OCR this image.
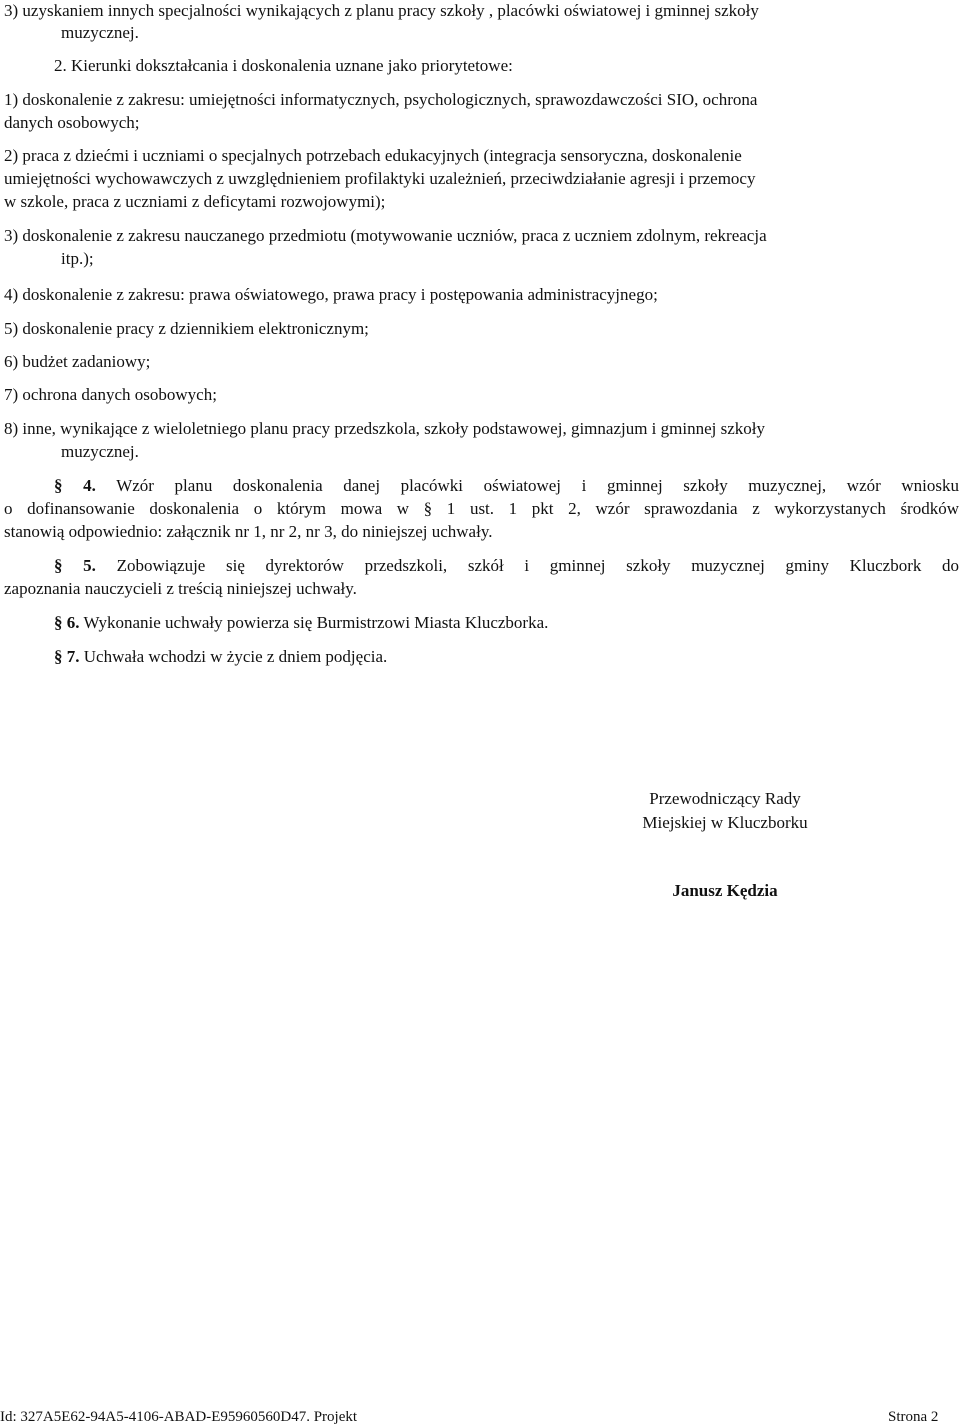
3) uzyskaniem innych specjalności wynikających z planu pracy szkoły , placówki oświatowej i gminnej szkoły
muzycznej.
2. Kierunki dokształcania i doskonalenia uznane jako priorytetowe:
1) doskonalenie z zakresu: umiejętności informatycznych, psychologicznych, sprawozdawczości SIO, ochrona
danych osobowych;
2) praca z dziećmi i uczniami o specjalnych potrzebach edukacyjnych (integracja sensoryczna, doskonalenie
umiejętności wychowawczych z uwzględnieniem profilaktyki uzależnień, przeciwdziałanie agresji i przemocy
w szkole, praca z uczniami z deficytami rozwojowymi);
3) doskonalenie z zakresu nauczanego przedmiotu (motywowanie uczniów, praca z uczniem zdolnym, rekreacja
itp.);
4) doskonalenie z zakresu: prawa oświatowego, prawa pracy i postępowania administracyjnego;
5) doskonalenie pracy z dziennikiem elektronicznym;
6) budżet zadaniowy;
7) ochrona danych osobowych;
8) inne, wynikające z wieloletniego planu pracy przedszkola, szkoły podstawowej, gimnazjum i gminnej szkoły
muzycznej.
§ 4. Wzór planu doskonalenia danej placówki oświatowej i gminnej szkoły muzycznej, wzór wniosku
o dofinansowanie doskonalenia o którym mowa w § 1 ust. 1 pkt 2, wzór sprawozdania z wykorzystanych środków
stanowią odpowiednio: załącznik nr 1, nr 2, nr 3, do niniejszej uchwały.
§ 5. Zobowiązuje się dyrektorów przedszkoli, szkół i gminnej szkoły muzycznej gminy Kluczbork do
zapoznania nauczycieli z treścią niniejszej uchwały.
§ 6. Wykonanie uchwały powierza się Burmistrzowi Miasta Kluczborka.
§ 7. Uchwała wchodzi w życie z dniem podjęcia.
Przewodniczący Rady
Miejskiej w Kluczborku
Janusz Kędzia
Id: 327A5E62-94A5-4106-ABAD-E95960560D47. Projekt	Strona 2
